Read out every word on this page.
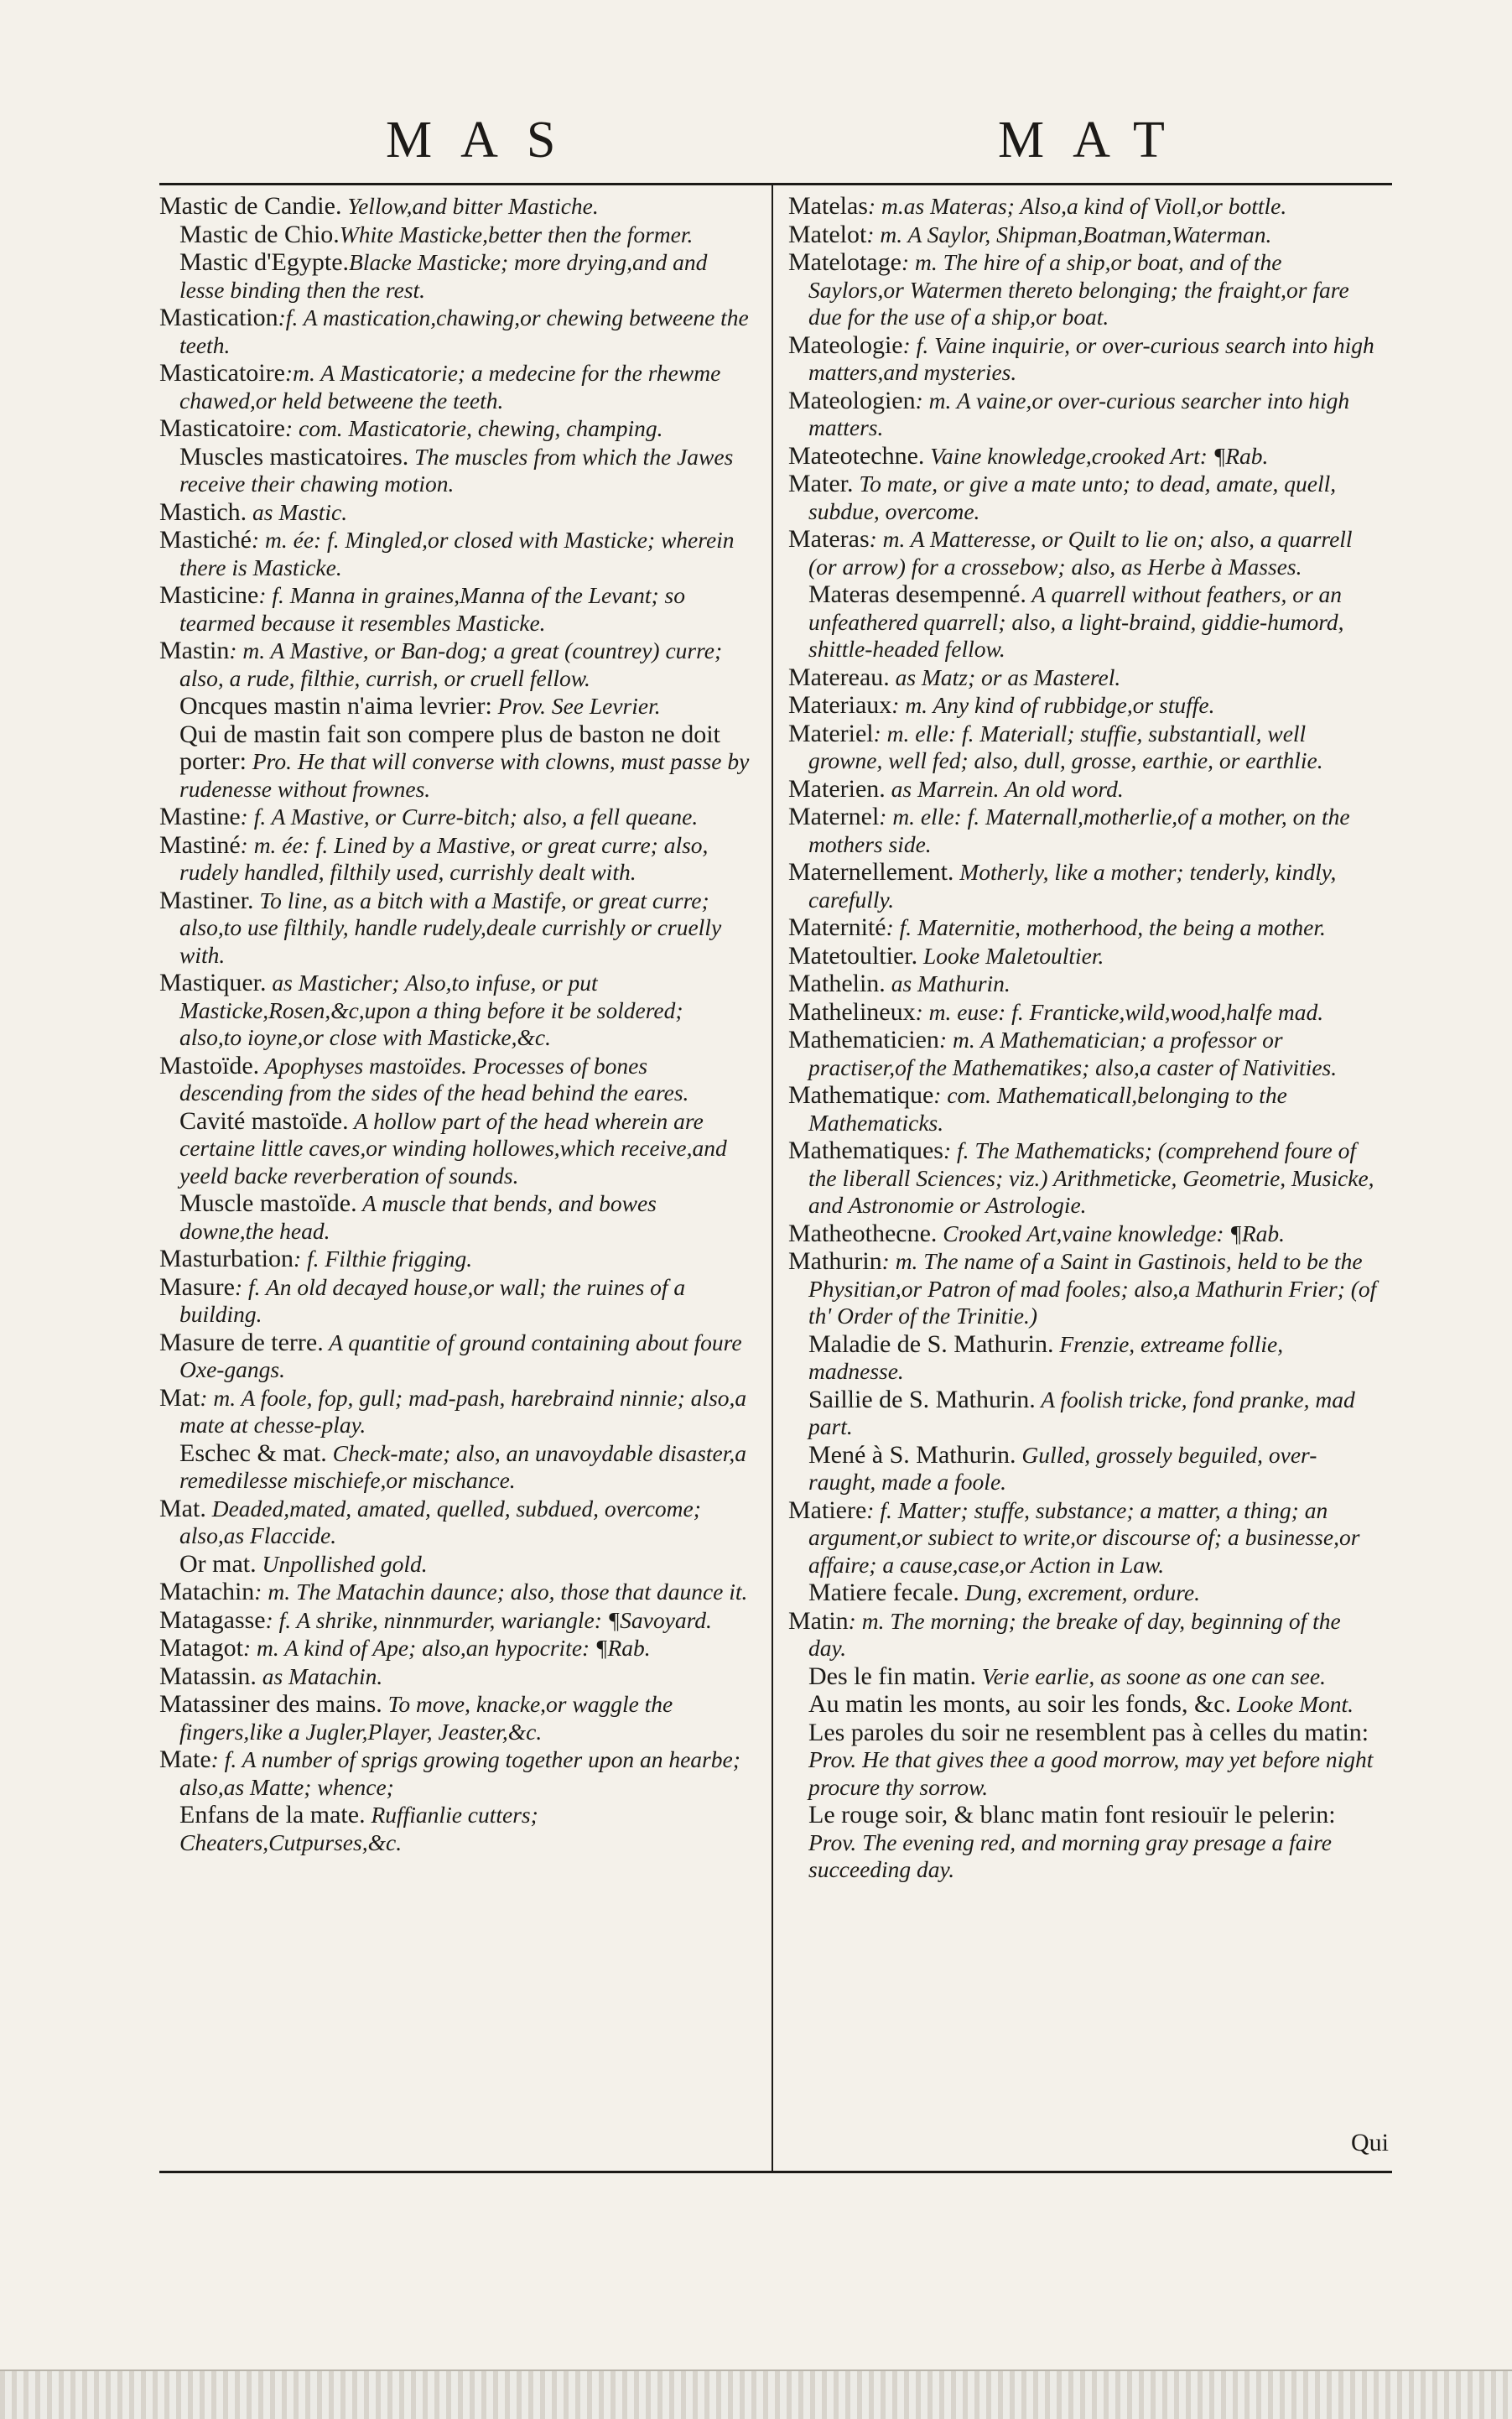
MAS	MAT
Mastic de Candie. Yellow,and bitter Mastiche.
Mastic de Chio.White Masticke,better then the former.
Mastic d'Egypte.Blacke Masticke; more drying,and and lesse binding then the rest.
Mastication:f. A mastication,chawing,or chewing betweene the teeth.
Masticatoire:m. A Masticatorie; a medecine for the rhewme chawed,or held betweene the teeth.
Masticatoire: com. Masticatorie, chewing, champing.
Muscles masticatoires. The muscles from which the Jawes receive their chawing motion.
Mastich. as Mastic.
Mastiché: m. ée: f. Mingled,or closed with Masticke; wherein there is Masticke.
Masticine: f. Manna in graines,Manna of the Levant; so tearmed because it resembles Masticke.
Mastin: m. A Mastive, or Ban-dog; a great (countrey) curre; also, a rude, filthie, currish, or cruell fellow.
Oncques mastin n'aima levrier: Prov. See Levrier.
Qui de mastin fait son compere plus de baston ne doit porter: Pro. He that will converse with clowns, must passe by rudenesse without frownes.
Mastine: f. A Mastive, or Curre-bitch; also, a fell queane.
Mastiné: m. ée: f. Lined by a Mastive, or great curre; also, rudely handled, filthily used, currishly dealt with.
Mastiner. To line, as a bitch with a Mastife, or great curre; also,to use filthily, handle rudely,deale currishly or cruelly with.
Mastiquer. as Masticher; Also,to infuse, or put Masticke,Rosen,&c,upon a thing before it be soldered; also,to ioyne,or close with Masticke,&c.
Mastoïde. Apophyses mastoïdes. Processes of bones descending from the sides of the head behind the eares.
Cavité mastoïde. A hollow part of the head wherein are certaine little caves,or winding hollowes,which receive,and yeeld backe reverberation of sounds.
Muscle mastoïde. A muscle that bends, and bowes downe,the head.
Masturbation: f. Filthie frigging.
Masure: f. An old decayed house,or wall; the ruines of a building.
Masure de terre. A quantitie of ground containing about foure Oxe-gangs.
Mat: m. A foole, fop, gull; mad-pash, harebraind ninnie; also,a mate at chesse-play.
Eschec & mat. Check-mate; also, an unavoydable disaster,a remedilesse mischiefe,or mischance.
Mat. Deaded,mated, amated, quelled, subdued, overcome; also,as Flaccide.
Or mat. Unpollished gold.
Matachin: m. The Matachin daunce; also, those that daunce it.
Matagasse: f. A shrike, ninnmurder, wariangle: ¶Savoyard.
Matagot: m. A kind of Ape; also,an hypocrite: ¶Rab.
Matassin. as Matachin.
Matassiner des mains. To move, knacke,or waggle the fingers,like a Jugler,Player, Jeaster,&c.
Mate: f. A number of sprigs growing together upon an hearbe; also,as Matte; whence;
Enfans de la mate. Ruffianlie cutters; Cheaters,Cutpurses,&c.
Matelas: m.as Materas; Also,a kind of Violl,or bottle.
Matelot: m. A Saylor, Shipman,Boatman,Waterman.
Matelotage: m. The hire of a ship,or boat, and of the Saylors,or Watermen thereto belonging; the fraight,or fare due for the use of a ship,or boat.
Mateologie: f. Vaine inquirie, or over-curious search into high matters,and mysteries.
Mateologien: m. A vaine,or over-curious searcher into high matters.
Mateotechne. Vaine knowledge,crooked Art: ¶Rab.
Mater. To mate, or give a mate unto; to dead, amate, quell, subdue, overcome.
Materas: m. A Matteresse, or Quilt to lie on; also, a quarrell (or arrow) for a crossebow; also, as Herbe à Masses.
Materas desempenné. A quarrell without feathers, or an unfeathered quarrell; also, a light-braind, giddie-humord, shittle-headed fellow.
Matereau. as Matz; or as Masterel.
Materiaux: m. Any kind of rubbidge,or stuffe.
Materiel: m. elle: f. Materiall; stuffie, substantiall, well growne, well fed; also, dull, grosse, earthie, or earthlie.
Materien. as Marrein. An old word.
Maternel: m. elle: f. Maternall,motherlie,of a mother, on the mothers side.
Maternellement. Motherly, like a mother; tenderly, kindly, carefully.
Maternité: f. Maternitie, motherhood, the being a mother.
Matetoultier. Looke Maletoultier.
Mathelin. as Mathurin.
Mathelineux: m. euse: f. Franticke,wild,wood,halfe mad.
Mathematicien: m. A Mathematician; a professor or practiser,of the Mathematikes; also,a caster of Nativities.
Mathematique: com. Mathematicall,belonging to the Mathematicks.
Mathematiques: f. The Mathematicks; (comprehend foure of the liberall Sciences; viz.) Arithmeticke, Geometrie, Musicke, and Astronomie or Astrologie.
Matheothecne. Crooked Art,vaine knowledge: ¶Rab.
Mathurin: m. The name of a Saint in Gastinois, held to be the Physitian,or Patron of mad fooles; also,a Mathurin Frier; (of th' Order of the Trinitie.)
Maladie de S. Mathurin. Frenzie, extreame follie, madnesse.
Saillie de S. Mathurin. A foolish tricke, fond pranke, mad part.
Mené à S. Mathurin. Gulled, grossely beguiled, over-raught, made a foole.
Matiere: f. Matter; stuffe, substance; a matter, a thing; an argument,or subiect to write,or discourse of; a businesse,or affaire; a cause,case,or Action in Law.
Matiere fecale. Dung, excrement, ordure.
Matin: m. The morning; the breake of day, beginning of the day.
Des le fin matin. Verie earlie, as soone as one can see.
Au matin les monts, au soir les fonds, &c. Looke Mont.
Les paroles du soir ne resemblent pas à celles du matin: Prov. He that gives thee a good morrow, may yet before night procure thy sorrow.
Le rouge soir, & blanc matin font resiouïr le pelerin: Prov. The evening red, and morning gray presage a faire succeeding day.
Qui
